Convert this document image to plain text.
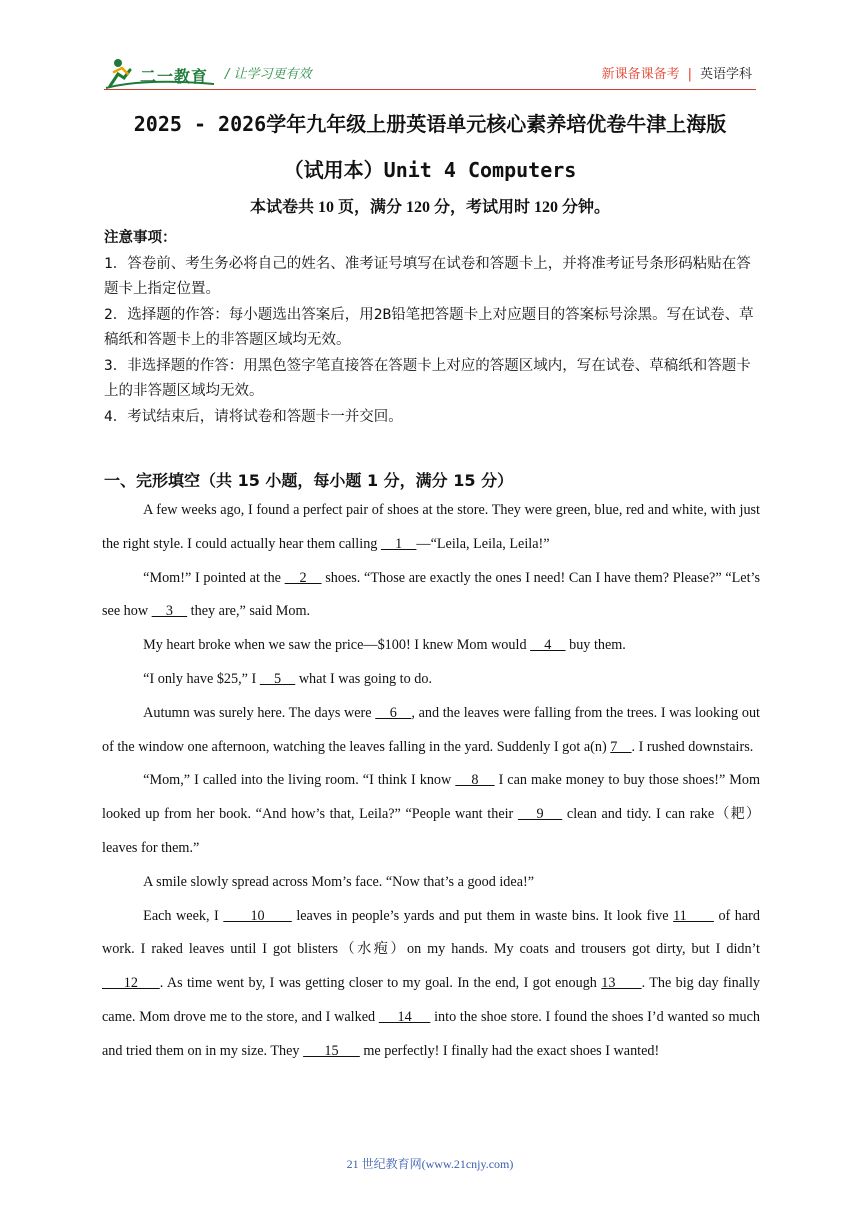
二一教育 / 让学习更有效	新课备课备考 | 英语学科
2025 - 2026学年九年级上册英语单元核心素养培优卷牛津上海版
（试用本）Unit 4 Computers
本试卷共 10 页，满分 120 分，考试用时 120 分钟。
注意事项：
1．答卷前、考生务必将自己的姓名、准考证号填写在试卷和答题卡上，并将准考证号条形码粘贴在答题卡上指定位置。
2．选择题的作答：每小题选出答案后，用2B铅笔把答题卡上对应题目的答案标号涂黑。写在试卷、草稿纸和答题卡上的非答题区域均无效。
3．非选择题的作答：用黑色签字笔直接答在答题卡上对应的答题区域内，写在试卷、草稿纸和答题卡上的非答题区域均无效。
4．考试结束后，请将试卷和答题卡一并交回。
一、完形填空（共 15 小题，每小题 1 分，满分 15 分）

A few weeks ago, I found a perfect pair of shoes at the store. They were green, blue, red and white, with just the right style. I could actually hear them calling     1    —“Leila, Leila, Leila!”

“Mom!” I pointed at the     2     shoes. “Those are exactly the ones I need! Can I have them? Please?” “Let’s see how     3     they are,” said Mom.

My heart broke when we saw the price—$100! I knew Mom would     4     buy them.

“I only have $25,” I     5     what I was going to do.

Autumn was surely here. The days were     6    , and the leaves were falling from the trees. I was looking out of the window one afternoon, watching the leaves falling in the yard. Suddenly I got a(n) 7    . I rushed downstairs.

“Mom,” I called into the living room. “I think I know     8     I can make money to buy those shoes!” Mom looked up from her book. “And how’s that, Leila?” “People want their     9     clean and tidy. I can rake（耙） leaves for them.”

A smile slowly spread across Mom’s face. “Now that’s a good idea!”

Each week, I       10       leaves in people’s yards and put them in waste bins. It look five 11       of hard work. I raked leaves until I got blisters（水疱）on my hands. My coats and trousers got dirty, but I didn’t      12     . As time went by, I was getting closer to my goal. In the end, I got enough 13      . The big day finally came. Mom drove me to the store, and I walked      14      into the shoe store. I found the shoes I’d wanted so much and tried them on in my size. They       15       me perfectly! I finally had the exact shoes I wanted!

21 世纪教育网(www.21cnjy.com)
